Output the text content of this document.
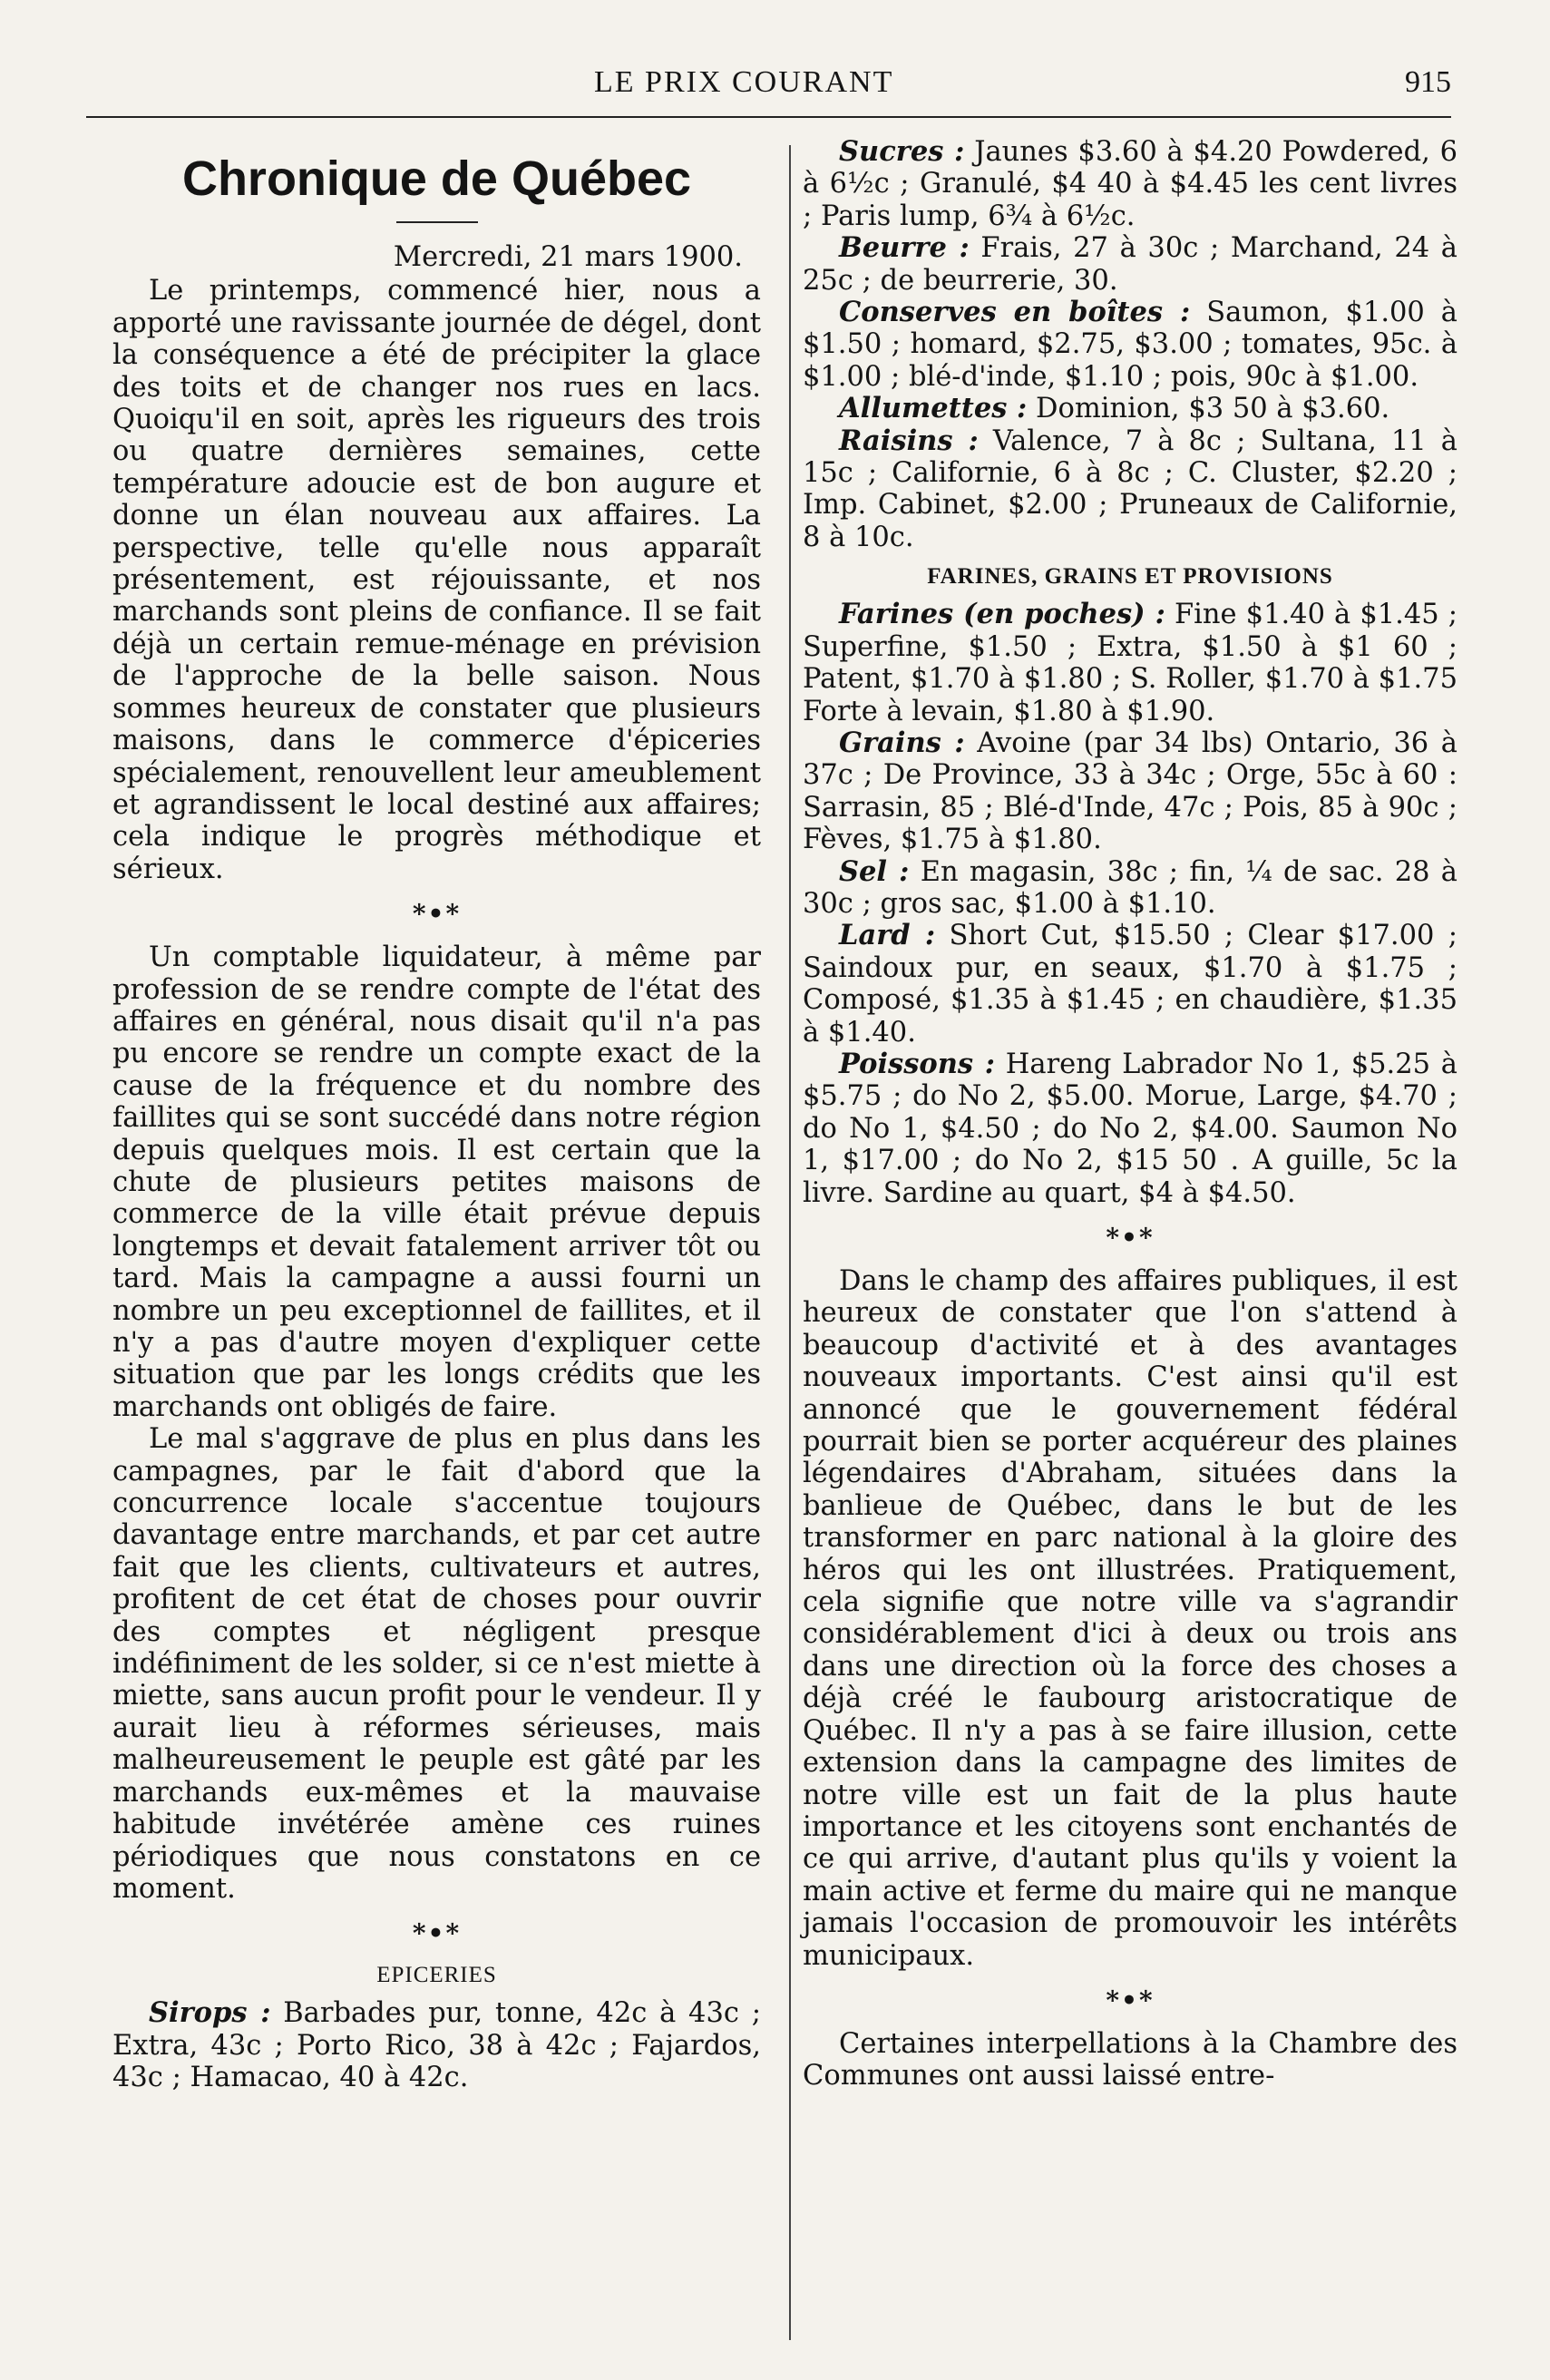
LE PRIX COURANT	915
Chronique de Québec
Mercredi, 21 mars 1900.

Le printemps, commencé hier, nous a apporté une ravissante journée de dégel, dont la conséquence a été de précipiter la glace des toits et de changer nos rues en lacs. Quoiqu'il en soit, après les rigueurs des trois ou quatre dernières semaines, cette température adoucie est de bon augure et donne un élan nouveau aux affaires. La perspective, telle qu'elle nous apparaît présentement, est réjouissante, et nos marchands sont pleins de confiance. Il se fait déjà un certain remue-ménage en prévision de l'approche de la belle saison. Nous sommes heureux de constater que plusieurs maisons, dans le commerce d'épiceries spécialement, renouvellent leur ameublement et agrandissent le local destiné aux affaires; cela indique le progrès méthodique et sérieux.

*•*

Un comptable liquidateur, à même par profession de se rendre compte de l'état des affaires en général, nous disait qu'il n'a pas pu encore se rendre un compte exact de la cause de la fréquence et du nombre des faillites qui se sont succédé dans notre région depuis quelques mois. Il est certain que la chute de plusieurs petites maisons de commerce de la ville était prévue depuis longtemps et devait fatalement arriver tôt ou tard. Mais la campagne a aussi fourni un nombre un peu exceptionnel de faillites, et il n'y a pas d'autre moyen d'expliquer cette situation que par les longs crédits que les marchands ont obligés de faire.

Le mal s'aggrave de plus en plus dans les campagnes, par le fait d'abord que la concurrence locale s'accentue toujours davantage entre marchands, et par cet autre fait que les clients, cultivateurs et autres, profitent de cet état de choses pour ouvrir des comptes et négligent presque indéfiniment de les solder, si ce n'est miette à miette, sans aucun profit pour le vendeur. Il y aurait lieu à réformes sérieuses, mais malheureusement le peuple est gâté par les marchands eux-mêmes et la mauvaise habitude invétérée amène ces ruines périodiques que nous constatons en ce moment.

*•*
EPICERIES

Sirops : Barbades pur, tonne, 42c à 43c ; Extra, 43c ; Porto Rico, 38 à 42c ; Fajardos, 43c ; Hamacao, 40 à 42c.

Sucres : Jaunes $3.60 à $4.20 Powdered, 6 à 6½c ; Granulé, $4 40 à $4.45 les cent livres ; Paris lump, 6¾ à 6½c.

Beurre : Frais, 27 à 30c ; Marchand, 24 à 25c ; de beurrerie, 30.

Conserves en boîtes : Saumon, $1.00 à $1.50 ; homard, $2.75, $3.00 ; tomates, 95c. à $1.00 ; blé-d'inde, $1.10 ; pois, 90c à $1.00.

Allumettes : Dominion, $3 50 à $3.60.

Raisins : Valence, 7 à 8c ; Sultana, 11 à 15c ; Californie, 6 à 8c ; C. Cluster, $2.20 ; Imp. Cabinet, $2.00 ; Pruneaux de Californie, 8 à 10c.

FARINES, GRAINS ET PROVISIONS

Farines (en poches) : Fine $1.40 à $1.45 ; Superfine, $1.50 ; Extra, $1.50 à $1 60 ; Patent, $1.70 à $1.80 ; S. Roller, $1.70 à $1.75 Forte à levain, $1.80 à $1.90.

Grains : Avoine (par 34 lbs) Ontario, 36 à 37c ; De Province, 33 à 34c ; Orge, 55c à 60 : Sarrasin, 85 ; Blé-d'Inde, 47c ; Pois, 85 à 90c ; Fèves, $1.75 à $1.80.

Sel : En magasin, 38c ; fin, ¼ de sac. 28 à 30c ; gros sac, $1.00 à $1.10.

Lard : Short Cut, $15.50 ; Clear $17.00 ; Saindoux pur, en seaux, $1.70 à $1.75 ; Composé, $1.35 à $1.45 ; en chaudière, $1.35 à $1.40.

Poissons : Hareng Labrador No 1, $5.25 à $5.75 ; do No 2, $5.00. Morue, Large, $4.70 ; do No 1, $4.50 ; do No 2, $4.00. Saumon No 1, $17.00 ; do No 2, $15 50 . A guille, 5c la livre. Sardine au quart, $4 à $4.50.

*•*

Dans le champ des affaires publiques, il est heureux de constater que l'on s'attend à beaucoup d'activité et à des avantages nouveaux importants. C'est ainsi qu'il est annoncé que le gouvernement fédéral pourrait bien se porter acquéreur des plaines légendaires d'Abraham, situées dans la banlieue de Québec, dans le but de les transformer en parc national à la gloire des héros qui les ont illustrées. Pratiquement, cela signifie que notre ville va s'agrandir considérablement d'ici à deux ou trois ans dans une direction où la force des choses a déjà créé le faubourg aristocratique de Québec. Il n'y a pas à se faire illusion, cette extension dans la campagne des limites de notre ville est un fait de la plus haute importance et les citoyens sont enchantés de ce qui arrive, d'autant plus qu'ils y voient la main active et ferme du maire qui ne manque jamais l'occasion de promouvoir les intérêts municipaux.

*•*

Certaines interpellations à la Chambre des Communes ont aussi laissé entre-
